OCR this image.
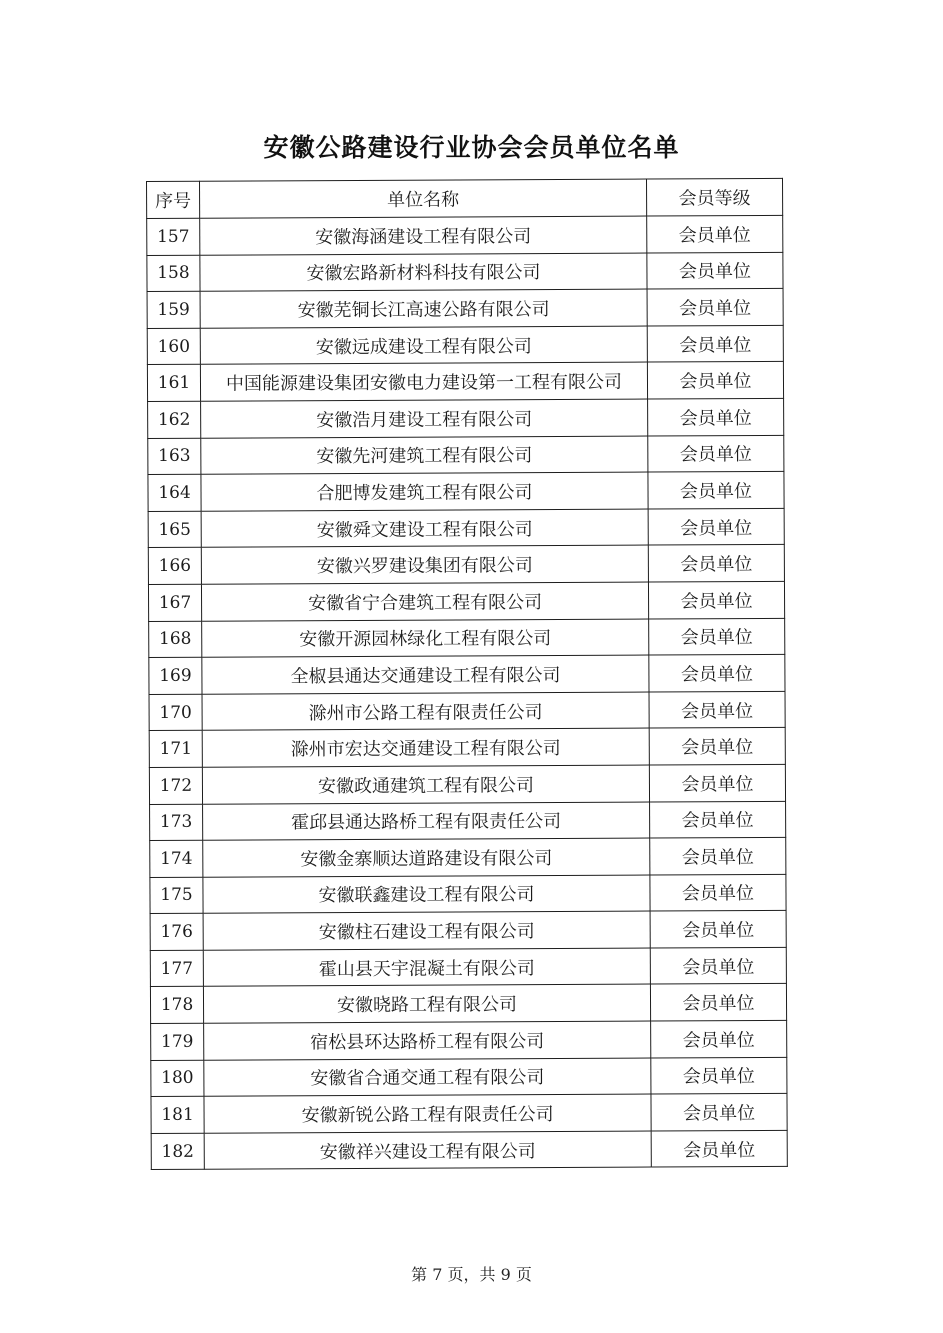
安徽公路建设行业协会会员单位名单
序号	单位名称	会员等级
157	安徽海涵建设工程有限公司	会员单位
158	安徽宏路新材料科技有限公司	会员单位
159	安徽芜铜长江高速公路有限公司	会员单位
160	安徽远成建设工程有限公司	会员单位
161	中国能源建设集团安徽电力建设第一工程有限公司	会员单位
162	安徽浩月建设工程有限公司	会员单位
163	安徽先河建筑工程有限公司	会员单位
164	合肥博发建筑工程有限公司	会员单位
165	安徽舜文建设工程有限公司	会员单位
166	安徽兴罗建设集团有限公司	会员单位
167	安徽省宁合建筑工程有限公司	会员单位
168	安徽开源园林绿化工程有限公司	会员单位
169	全椒县通达交通建设工程有限公司	会员单位
170	滁州市公路工程有限责任公司	会员单位
171	滁州市宏达交通建设工程有限公司	会员单位
172	安徽政通建筑工程有限公司	会员单位
173	霍邱县通达路桥工程有限责任公司	会员单位
174	安徽金寨顺达道路建设有限公司	会员单位
175	安徽联鑫建设工程有限公司	会员单位
176	安徽柱石建设工程有限公司	会员单位
177	霍山县天宇混凝土有限公司	会员单位
178	安徽晓路工程有限公司	会员单位
179	宿松县环达路桥工程有限公司	会员单位
180	安徽省合通交通工程有限公司	会员单位
181	安徽新锐公路工程有限责任公司	会员单位
182	安徽祥兴建设工程有限公司	会员单位
第 7 页，共 9 页
